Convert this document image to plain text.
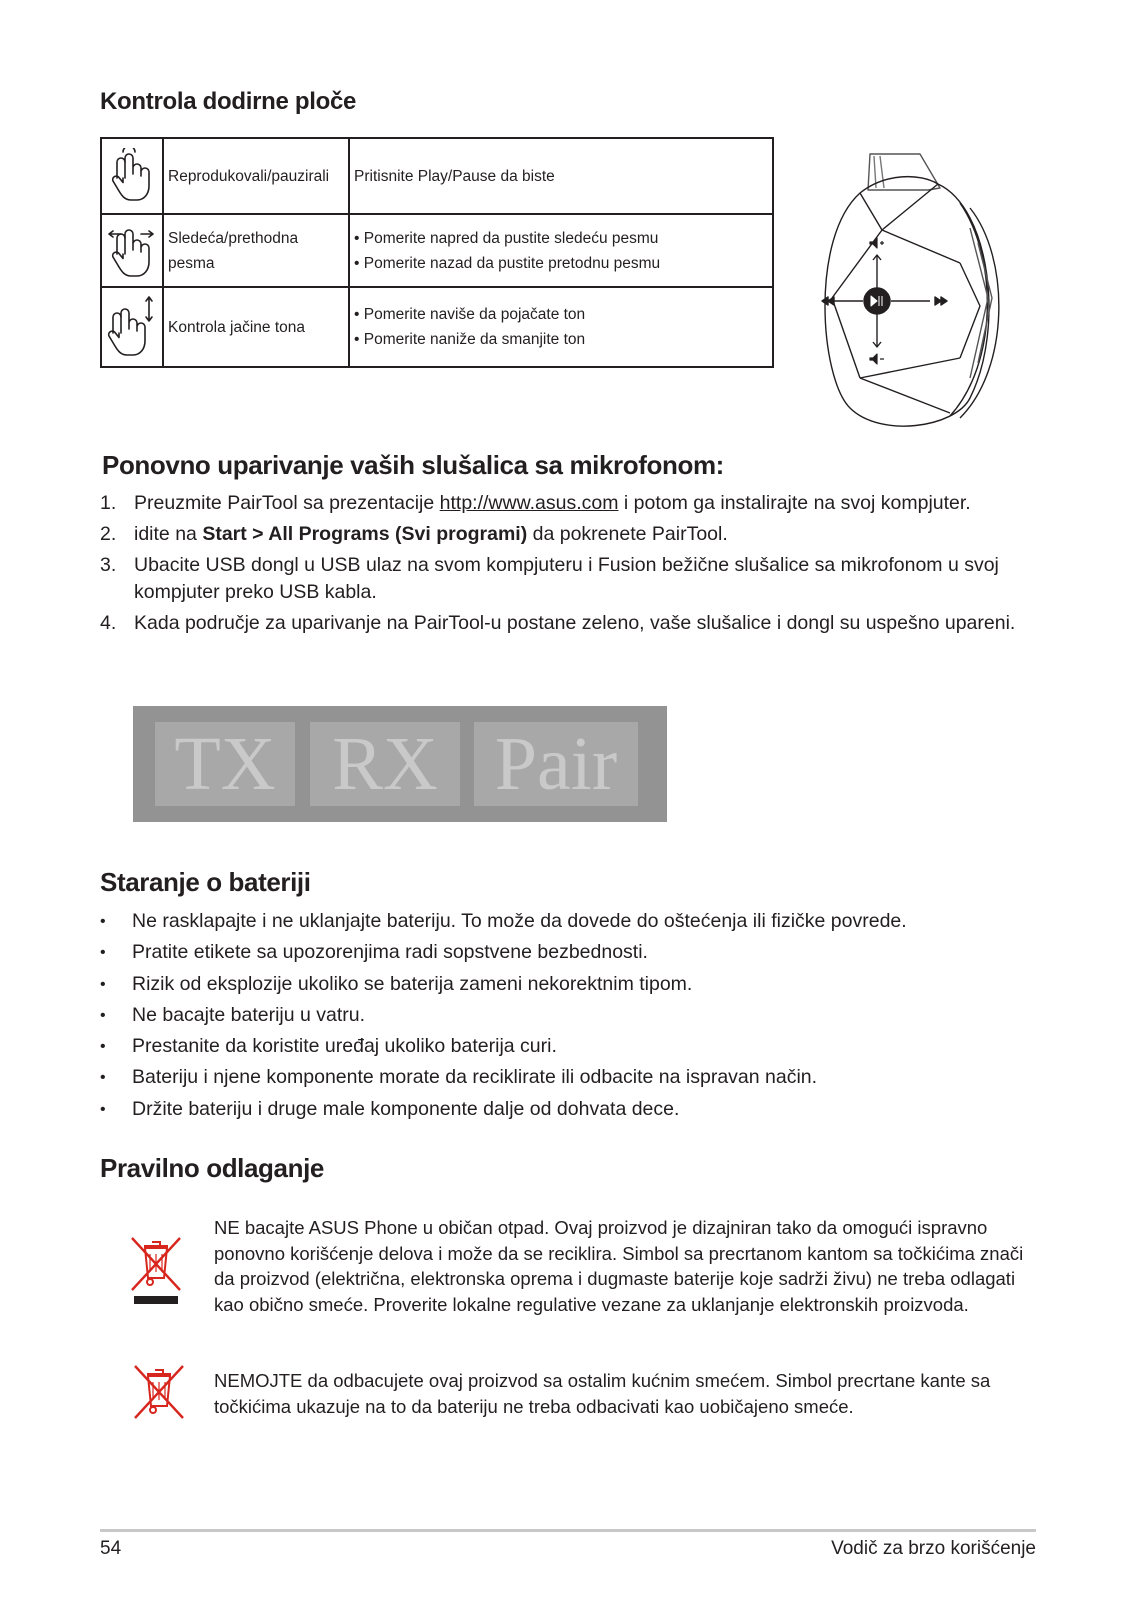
Kontrola dodirne ploče

Reprodukovali/pauzirali	Pritisnite Play/Pause da biste

Sledeća/prethodna
pesma	• Pomerite napred da pustite sledeću pesmu
• Pomerite nazad da pustite pretodnu pesmu

Kontrola jačine tona	• Pomerite naviše da pojačate ton
• Pomerite naniže da smanjite ton
Ponovno uparivanje vaših slušalica sa mikrofonom:
1. Preuzmite PairTool sa prezentacije http://www.asus.com i potom ga instalirajte na svoj kompjuter.
2. idite na Start > All Programs (Svi programi) da pokrenete PairTool.
3. Ubacite USB dongl u USB ulaz na svom kompjuteru i Fusion bežične slušalice sa mikrofonom u svoj kompjuter preko USB kabla.
4. Kada područje za uparivanje na PairTool-u postane zeleno, vaše slušalice i dongl su uspešno upareni.
TX RX Pair
Staranje o bateriji
• Ne rasklapajte i ne uklanjajte bateriju. To može da dovede do oštećenja ili fizičke povrede.
• Pratite etikete sa upozorenjima radi sopstvene bezbednosti.
• Rizik od eksplozije ukoliko se baterija zameni nekorektnim tipom.
• Ne bacajte bateriju u vatru.
• Prestanite da koristite uređaj ukoliko baterija curi.
• Bateriju i njene komponente morate da reciklirate ili odbacite na ispravan način.
• Držite bateriju i druge male komponente dalje od dohvata dece.
Pravilno odlaganje

NE bacajte ASUS Phone u običan otpad. Ovaj proizvod je dizajniran tako da omogući ispravno ponovno korišćenje delova i može da se reciklira. Simbol sa precrtanom kantom sa točkićima znači da proizvod (električna, elektronska oprema i dugmaste baterije koje sadrži živu) ne treba odlagati kao obično smeće. Proverite lokalne regulative vezane za uklanjanje elektronskih proizvoda.

NEMOJTE da odbacujete ovaj proizvod sa ostalim kućnim smećem. Simbol precrtane kante sa točkićima ukazuje na to da bateriju ne treba odbacivati kao uobičajeno smeće.

54	Vodič za brzo korišćenje
